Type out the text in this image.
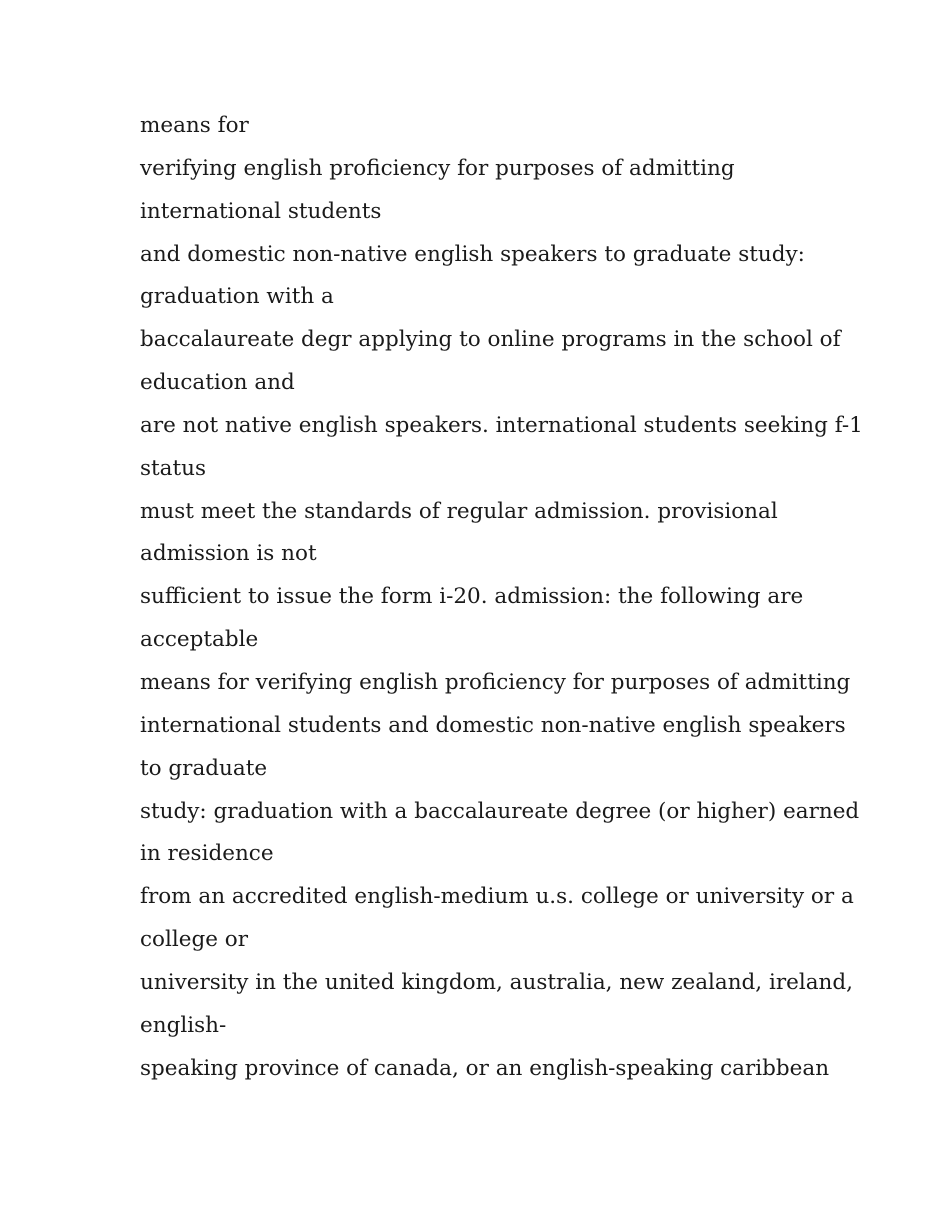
means for
verifying english proficiency for purposes of admitting
international students
and domestic non-native english speakers to graduate study:
graduation with a
baccalaureate degr applying to online programs in the school of
education and
are not native english speakers. international students seeking f-1
status
must meet the standards of regular admission. provisional
admission is not
sufficient to issue the form i-20. admission: the following are
acceptable
means for verifying english proficiency for purposes of admitting
international students and domestic non-native english speakers
to graduate
study: graduation with a baccalaureate degree (or higher) earned
in residence
from an accredited english-medium u.s. college or university or a
college or
university in the united kingdom, australia, new zealand, ireland,
english-
speaking province of canada, or an english-speaking caribbean
